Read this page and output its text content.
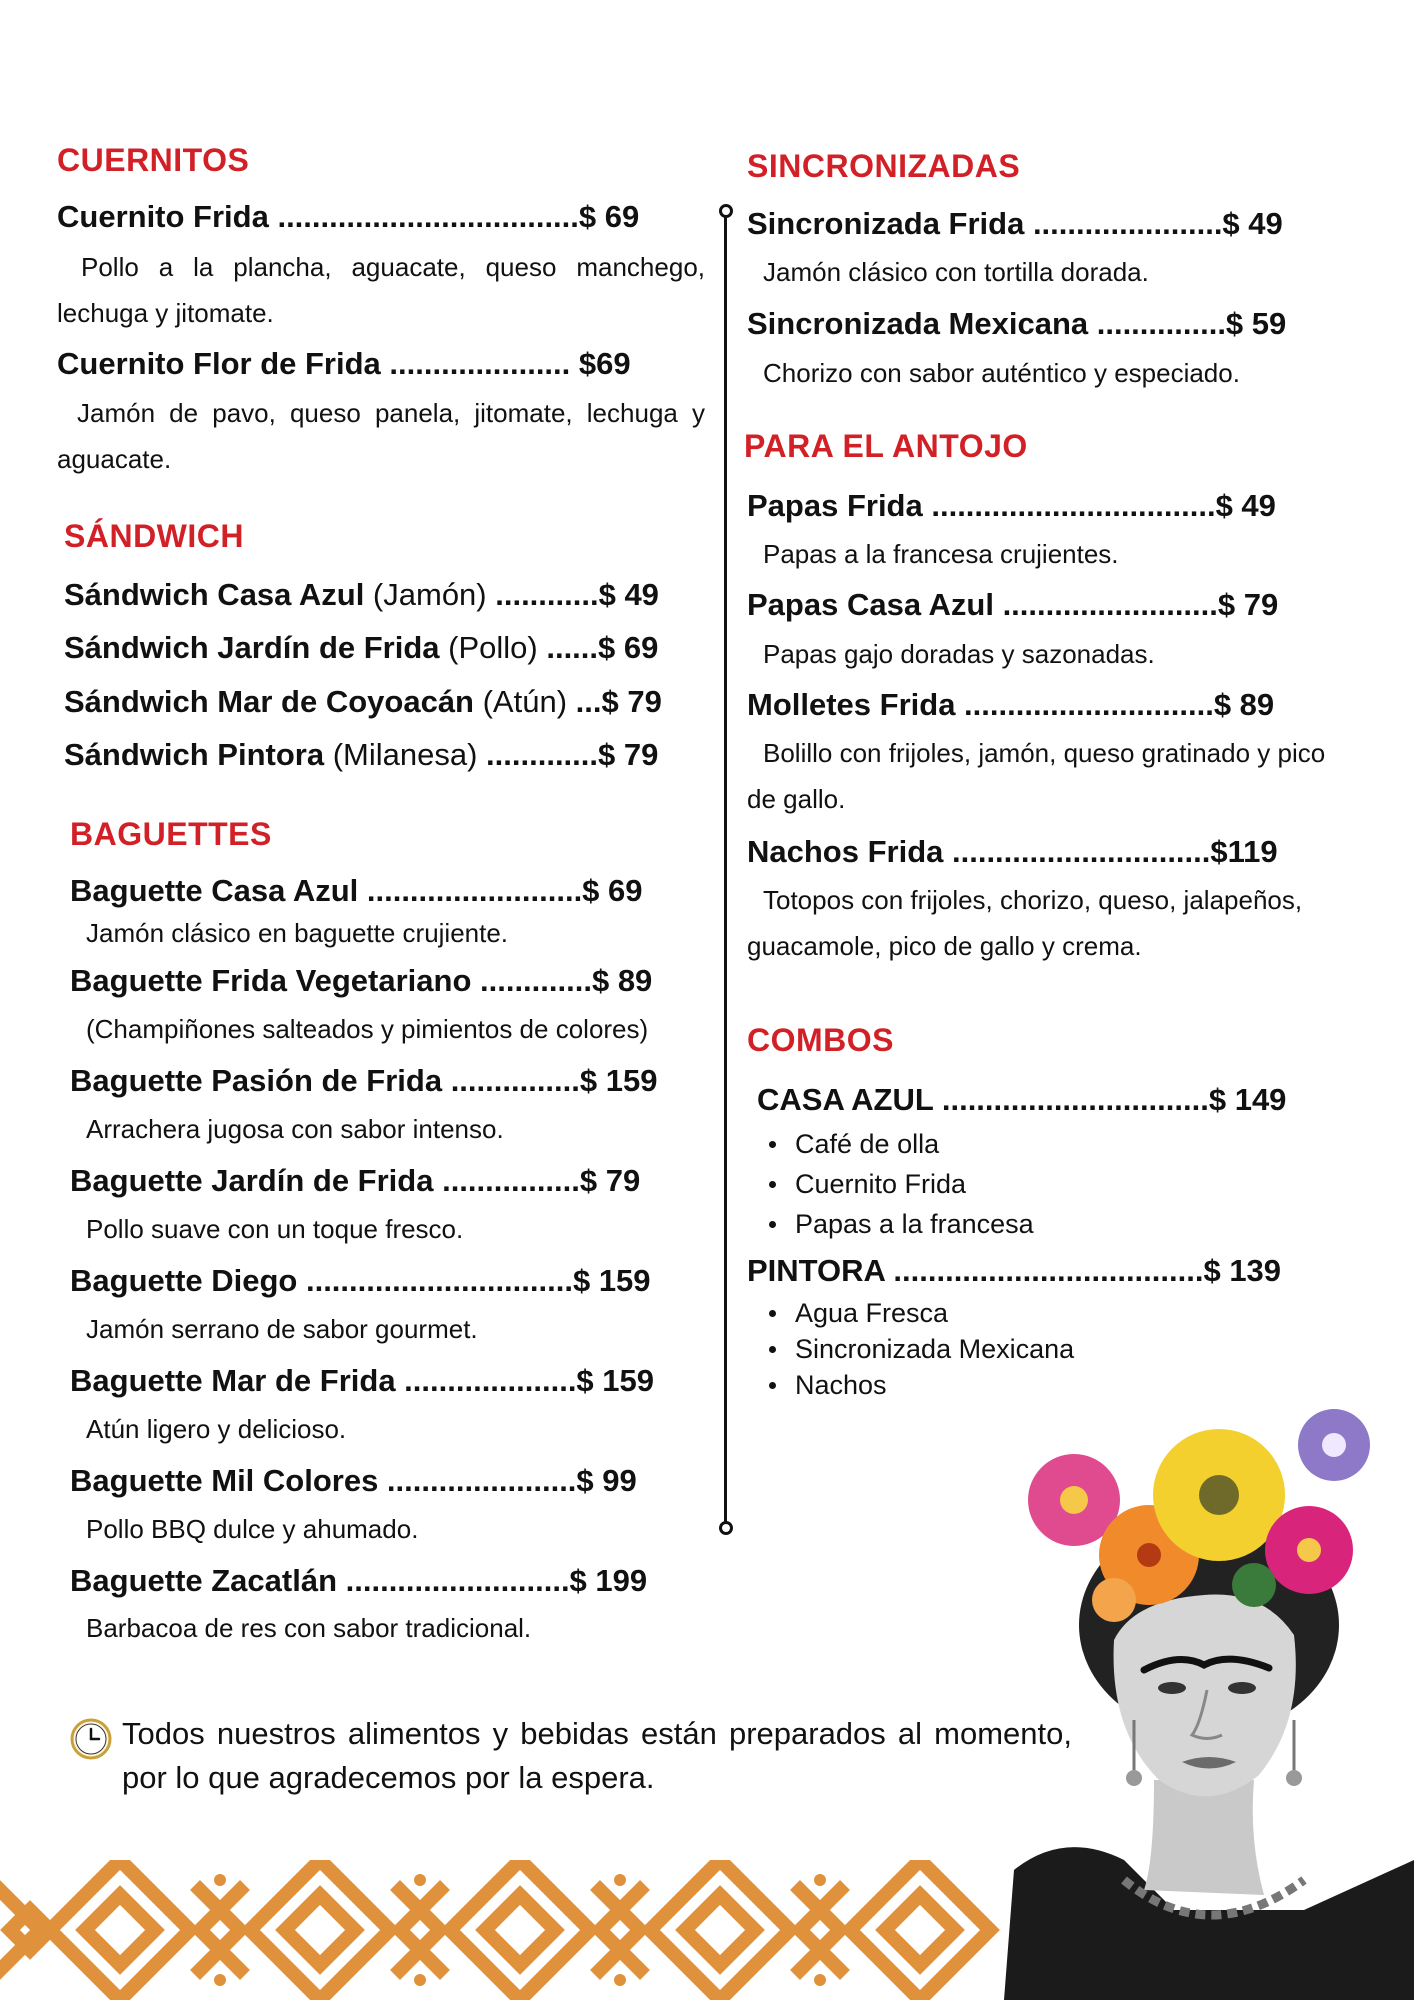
CUERNITOS
Cuernito Frida ...................................$ 69
Pollo a la plancha, aguacate, queso manchego, lechuga y jitomate.
Cuernito Flor de Frida ..................... $69
Jamón de pavo, queso panela, jitomate, lechuga y aguacate.
SÁNDWICH
Sándwich Casa Azul (Jamón) ............$ 49
Sándwich Jardín de Frida (Pollo) ......$ 69
Sándwich Mar de Coyoacán (Atún) ...$ 79
Sándwich Pintora (Milanesa) .............$ 79
BAGUETTES
Baguette Casa Azul .........................$ 69
Jamón clásico en baguette crujiente.
Baguette Frida Vegetariano .............$ 89
(Champiñones salteados y pimientos de colores)
Baguette Pasión de Frida ...............$ 159
Arrachera jugosa con sabor intenso.
Baguette Jardín de Frida ................$ 79
Pollo suave con un toque fresco.
Baguette Diego ...............................$ 159
Jamón serrano de sabor gourmet.
Baguette Mar de Frida ....................$ 159
Atún ligero y delicioso.
Baguette Mil Colores ......................$ 99
Pollo BBQ dulce y ahumado.
Baguette Zacatlán ..........................$ 199
Barbacoa de res con sabor tradicional.
SINCRONIZADAS
Sincronizada Frida ......................$ 49
Jamón clásico con tortilla dorada.
Sincronizada Mexicana ...............$ 59
Chorizo con sabor auténtico y especiado.
PARA EL ANTOJO
Papas Frida .................................$ 49
Papas a la francesa crujientes.
Papas Casa Azul .........................$ 79
Papas gajo doradas y sazonadas.
Molletes Frida .............................$ 89
Bolillo con frijoles, jamón, queso gratinado y pico de gallo.
Nachos Frida ..............................$119
Totopos con frijoles, chorizo, queso, jalapeños, guacamole, pico de gallo y crema.
COMBOS
CASA AZUL ...............................$ 149
Café de olla
Cuernito Frida
Papas a la francesa
PINTORA ....................................$ 139
Agua Fresca
Sincronizada Mexicana
Nachos
Todos nuestros alimentos y bebidas están preparados al momento, por lo que agradecemos por la espera.
